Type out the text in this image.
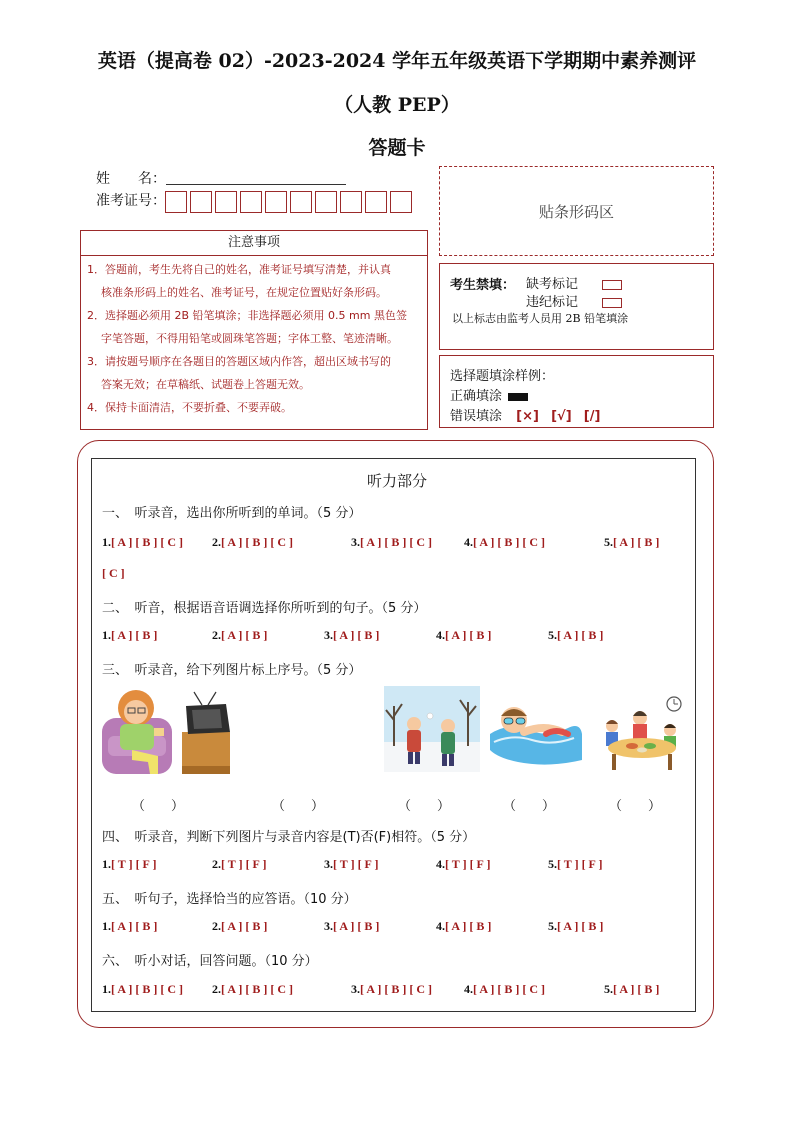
英语（提高卷 02）-2023-2024 学年五年级英语下学期期中素养测评
（人教 PEP）
答题卡
姓　　名：
准考证号：
贴条形码区
注意事项
1．答题前，考生先将自己的姓名，准考证号填写清楚，并认真
核准条形码上的姓名、准考证号，在规定位置贴好条形码。
2．选择题必须用 2B 铅笔填涂；非选择题必须用 0.5 mm 黑色签
字笔答题，不得用铅笔或圆珠笔答题；字体工整、笔迹清晰。
3．请按题号顺序在各题目的答题区域内作答，超出区域书写的
答案无效；在草稿纸、试题卷上答题无效。
4．保持卡面清洁，不要折叠、不要弄破。
考生禁填： 缺考标记
违纪标记
以上标志由监考人员用 2B 铅笔填涂
选择题填涂样例：
正确填涂
错误填涂 [×] [√] [/]
听力部分
一、　听录音，选出你所听到的单词。（5 分）
1.[ A ] [ B ] [ C ] 2.[ A ] [ B ] [ C ]	3.[ A ] [ B ] [ C ]	4.[ A ] [ B ] [ C ]	5.[ A ] [ B ]
[ C ]
二、　听音，根据语音语调选择你所听到的句子。（5 分）
1.[ A ] [ B ]	2.[ A ] [ B ]	3.[ A ] [ B ]	4.[ A ] [ B ]	5.[ A ] [ B ]
三、　听录音，给下列图片标上序号。（5 分）
（　　）	（　　）	（　　）	（　　）	（　　）
四、　听录音，判断下列图片与录音内容是(T)否(F)相符。（5 分）
1.[ T ] [ F ]	2.[ T ] [ F ]	3.[ T ] [ F ]	4.[ T ] [ F ]	5.[ T ] [ F ]
五、　听句子，选择恰当的应答语。（10 分）
1.[ A ] [ B ]	2.[ A ] [ B ]	3.[ A ] [ B ]	4.[ A ] [ B ]	5.[ A ] [ B ]
六、　听小对话，回答问题。（10 分）
1.[ A ] [ B ] [ C ] 2.[ A ] [ B ] [ C ]	3.[ A ] [ B ] [ C ]	4.[ A ] [ B ] [ C ]	5.[ A ] [ B ]
